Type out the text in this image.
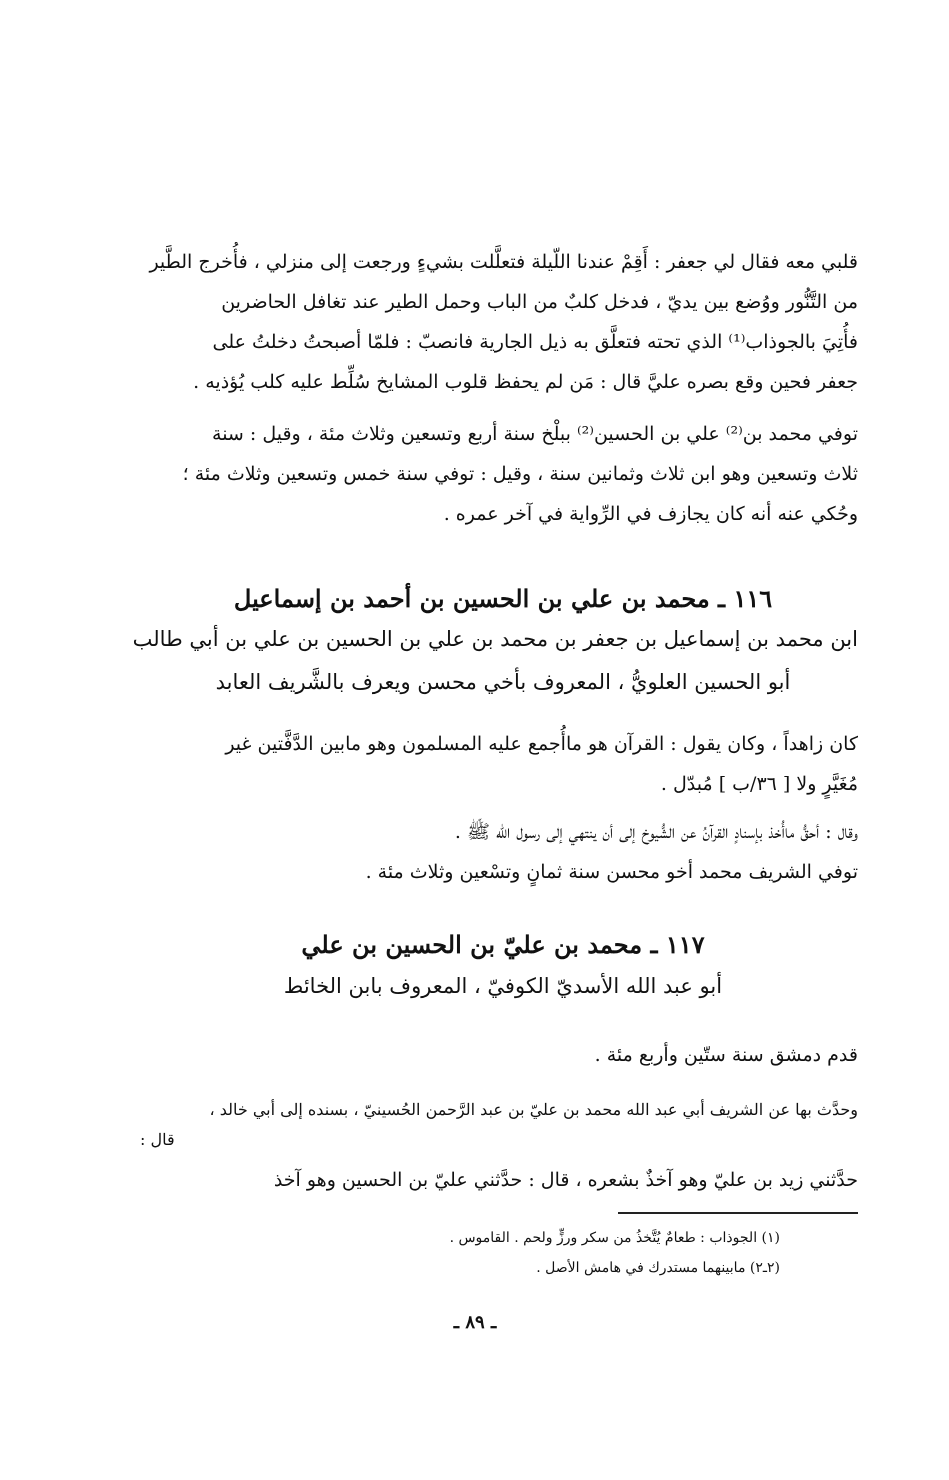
قلبي معه فقال لي جعفر : أَقِمْ عندنا اللّيلة فتعلَّلت بشيءٍ ورجعت إلى منزلي ، فأُخرج الطَّير
من التَّنُّور ووُضع بين يديّ ، فدخل كلبٌ من الباب وحمل الطير عند تغافل الحاضرين
فأُتِيَ بالجوذاب⁽¹⁾ الذي تحته فتعلَّق به ذيل الجارية فانصبّ : فلمّا أصبحتُ دخلتُ على
جعفر فحين وقع بصره عليَّ قال : مَن لم يحفظ قلوب المشايخ سُلِّط عليه كلب يُؤذيه .
توفي محمد بن⁽²⁾ علي بن الحسين⁽²⁾ ببلْخ سنة أربع وتسعين وثلاث مئة ، وقيل : سنة
ثلاث وتسعين وهو ابن ثلاث وثمانين سنة ، وقيل : توفي سنة خمس وتسعين وثلاث مئة ؛
وحُكي عنه أنه كان يجازف في الرِّواية في آخر عمره .
١١٦ ـ محمد بن علي بن الحسين بن أحمد بن إسماعيل
ابن محمد بن إسماعيل بن جعفر بن محمد بن علي بن الحسين بن علي بن أبي طالب
أبو الحسين العلويُّ ، المعروف بأخي محسن ويعرف بالشَّريف العابد
كان زاهداً ، وكان يقول : القرآن هو ماأُجمع عليه المسلمون وهو مابين الدَّفَّتين غير
مُغَيَّرٍ ولا [ ٣٦/ب ] مُبدّل .
وقال : أحقُّ ماأُخذ بإسنادٍ القرآنُ عن الشُّيوخ إلى أن ينتهي إلى رسول الله ﷺ .
توفي الشريف محمد أخو محسن سنة ثمانٍ وتسْعين وثلاث مئة .
١١٧ ـ محمد بن عليّ بن الحسين بن علي
أبو عبد الله الأسديّ الكوفيّ ، المعروف بابن الخائط
قدم دمشق سنة ستّين وأربع مئة .
وحدَّث بها عن الشريف أبي عبد الله محمد بن عليّ بن عبد الرَّحمن الحُسينيّ ، بسنده إلى أبي خالد ،
قال :
حدَّثني زيد بن عليّ وهو آخذٌ بشعره ، قال : حدَّثني عليّ بن الحسين وهو آخذ
(١) الجوذاب : طعامٌ يُتَّخذُ من سكر ورزٍّ ولحم . القاموس .
(٢ـ٢) مابينهما مستدرك في هامش الأصل .
ـ ٨٩ ـ
